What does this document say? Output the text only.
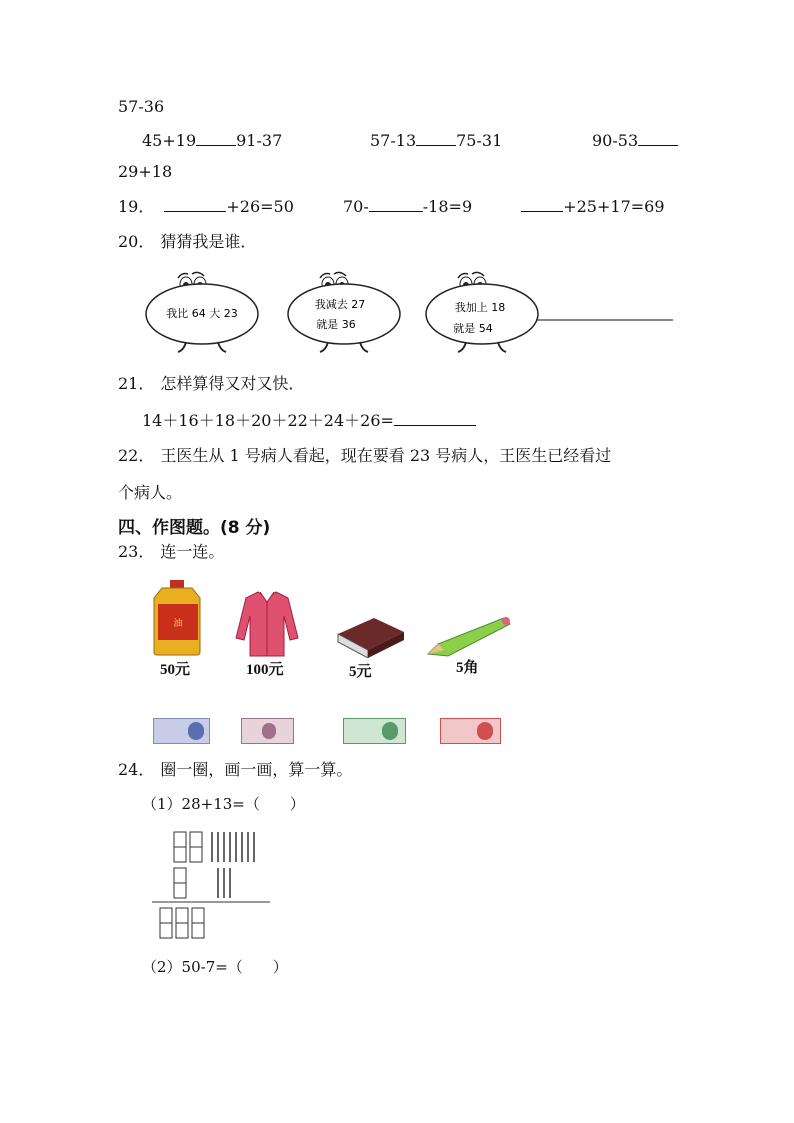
57-36
45+19	91-37	57-13	75-31	90-53
29+18
19．	+26=50	70-	-18=9	+25+17=69
20． 猜猜我是谁．
我比 64 大 23
我减去 27
就是 36
我加上 18
就是 54
21． 怎样算得又对又快．
14＋16＋18＋20＋22＋24＋26=
22． 王医生从 1 号病人看起，现在要看 23 号病人，王医生已经看过
个病人。
四、作图题。(8 分)
23． 连一连。
油
50元	100元	5元	5角
24． 圈一圈，画一画，算一算。
（1）28+13=（　　）
（2）50-7=（　　）
